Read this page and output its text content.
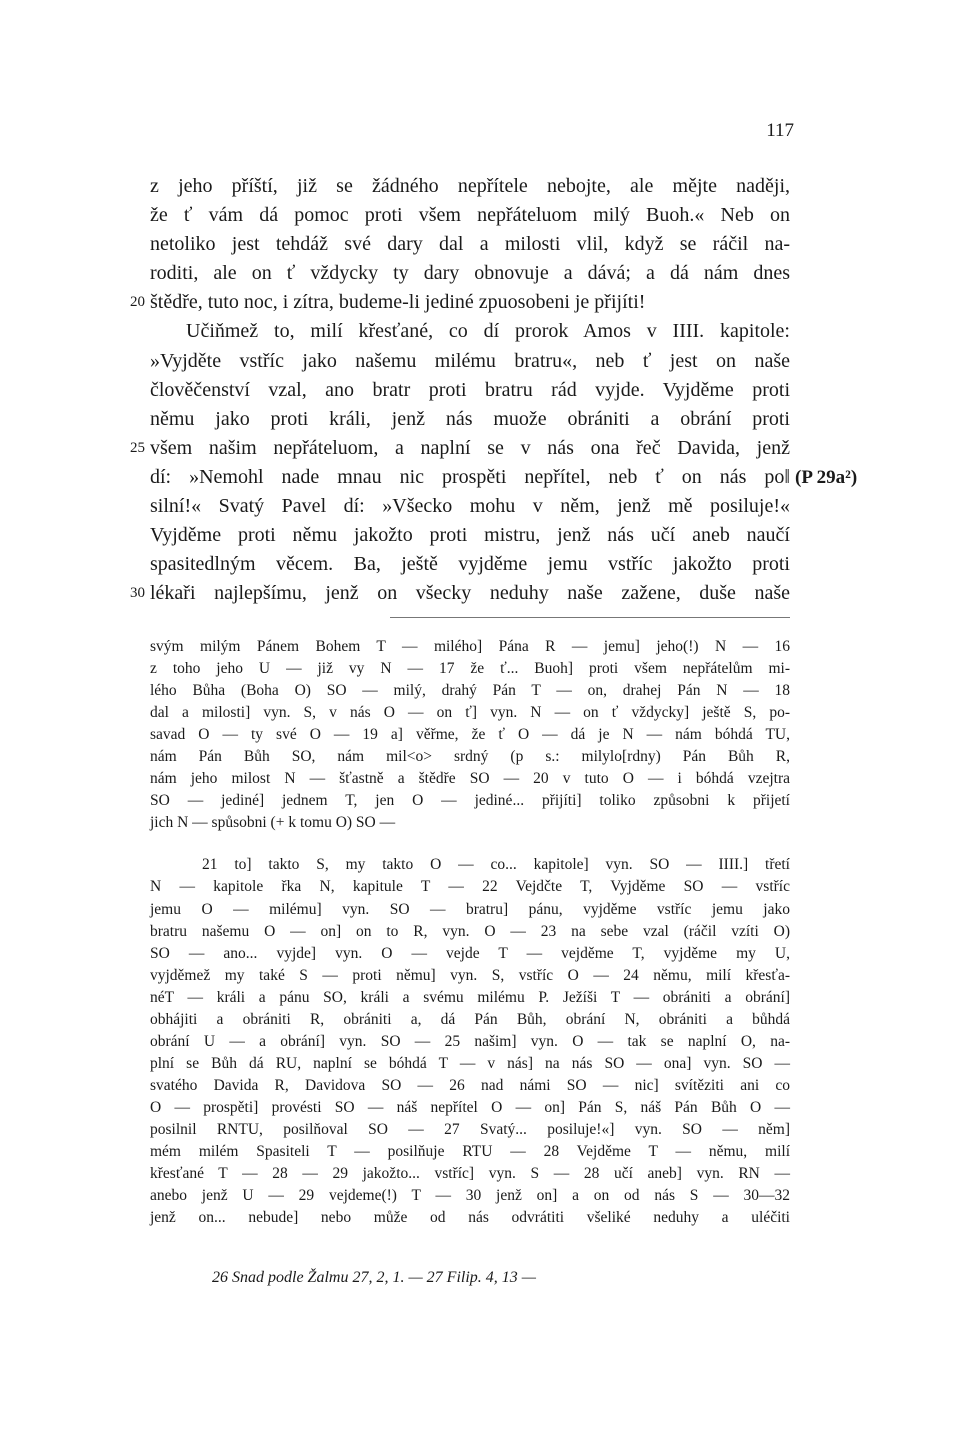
117
z jeho příští, již se žádného nepřítele nebojte, ale mějte naději,
že ť vám dá pomoc proti všem nepřáteluom milý Buoh.« Neb on
netoliko jest tehdáž své dary dal a milosti vlil, když se ráčil na-
roditi, ale on ť vždycky ty dary obnovuje a dává; a dá nám dnes
20 štědře, tuto noc, i zítra, budeme-li jediné zpuosobeni je přijíti!
Učiňmež to, milí křesťané, co dí prorok Amos v IIII. kapitole:
»Vyjděte vstříc jako našemu milému bratru«, neb ť jest on naše
člověčenství vzal, ano bratr proti bratru rád vyjde. Vyjděme proti
němu jako proti králi, jenž nás muože obrániti a obrání proti
25 všem našim nepřáteluom, a naplní se v nás ona řeč Davida, jenž
dí: »Nemohl nade mnau nic prospěti nepřítel, neb ť on nás po‖ (P 29a²)
silní!« Svatý Pavel dí: »Všecko mohu v něm, jenž mě posiluje!«
Vyjděme proti němu jakožto proti mistru, jenž nás učí aneb naučí
spasitedlným věcem. Ba, ještě vyjděme jemu vstříc jakožto proti
30 lékaři najlepšímu, jenž on všecky neduhy naše zažene, duše naše
svým milým Pánem Bohem T — milého] Pána R — jemu] jeho(!) N — 16
z toho jeho U — již vy N — 17 že ť... Buoh] proti všem nepřátelům mi-
lého Bůha (Boha O) SO — milý, drahý Pán T — on, drahej Pán N — 18
dal a milosti] vyn. S, v nás O — on ť] vyn. N — on ť vždycky] ještě S, po-
savad O — ty své O — 19 a] věřme, že ť O — dá je N — nám bóhdá TU,
nám Pán Bůh SO, nám mil<o> srdný (p s.: milylo[rdny) Pán Bůh R,
nám jeho milost N — šťastně a štědře SO — 20 v tuto O — i bóhdá vzejtra
SO — jediné] jednem T, jen O — jediné... přijíti] toliko způsobni k přijetí
jich N — spůsobni (+ k tomu O) SO —
21 to] takto S, my takto O — co... kapitole] vyn. SO — IIII.] třetí
N — kapitole řka N, kapitule T — 22 Vejdčte T, Vyjděme SO — vstříc
jemu O — milému] vyn. SO — bratru] pánu, vyjděme vstříc jemu jako
bratru našemu O — on] on to R, vyn. O — 23 na sebe vzal (ráčil vzíti O)
SO — ano... vyjde] vyn. O — vejde T — vejděme T, vyjděme my U,
vyjděmež my také S — proti němu] vyn. S, vstříc O — 24 němu, milí křesťa-
néT — králi a pánu SO, králi a svému milému P. Ježíši T — obrániti a obrání]
obhájiti a obrániti R, obrániti a, dá Pán Bůh, obrání N, obrániti a bůhdá
obrání U — a obrání] vyn. SO — 25 našim] vyn. O — tak se naplní O, na-
plní se Bůh dá RU, naplní se bóhdá T — v nás] na nás SO — ona] vyn. SO —
svatého Davida R, Davidova SO — 26 nad námi SO — nic] svítěziti ani co
O — prospěti] provésti SO — náš nepřítel O — on] Pán S, náš Pán Bůh O —
posilnil RNTU, posilňoval SO — 27 Svatý... posiluje!«] vyn. SO — něm]
mém milém Spasiteli T — posilňuje RTU — 28 Vejděme T — němu, milí
křesťané T — 28 — 29 jakožto... vstříc] vyn. S — 28 učí aneb] vyn. RN —
anebo jenž U — 29 vejdeme(!) T — 30 jenž on] a on od nás S — 30—32
jenž on... nebude] nebo může od nás odvrátiti všeliké neduhy a uléčiti
26 Snad podle Žalmu 27, 2, 1. — 27 Filip. 4, 13 —
